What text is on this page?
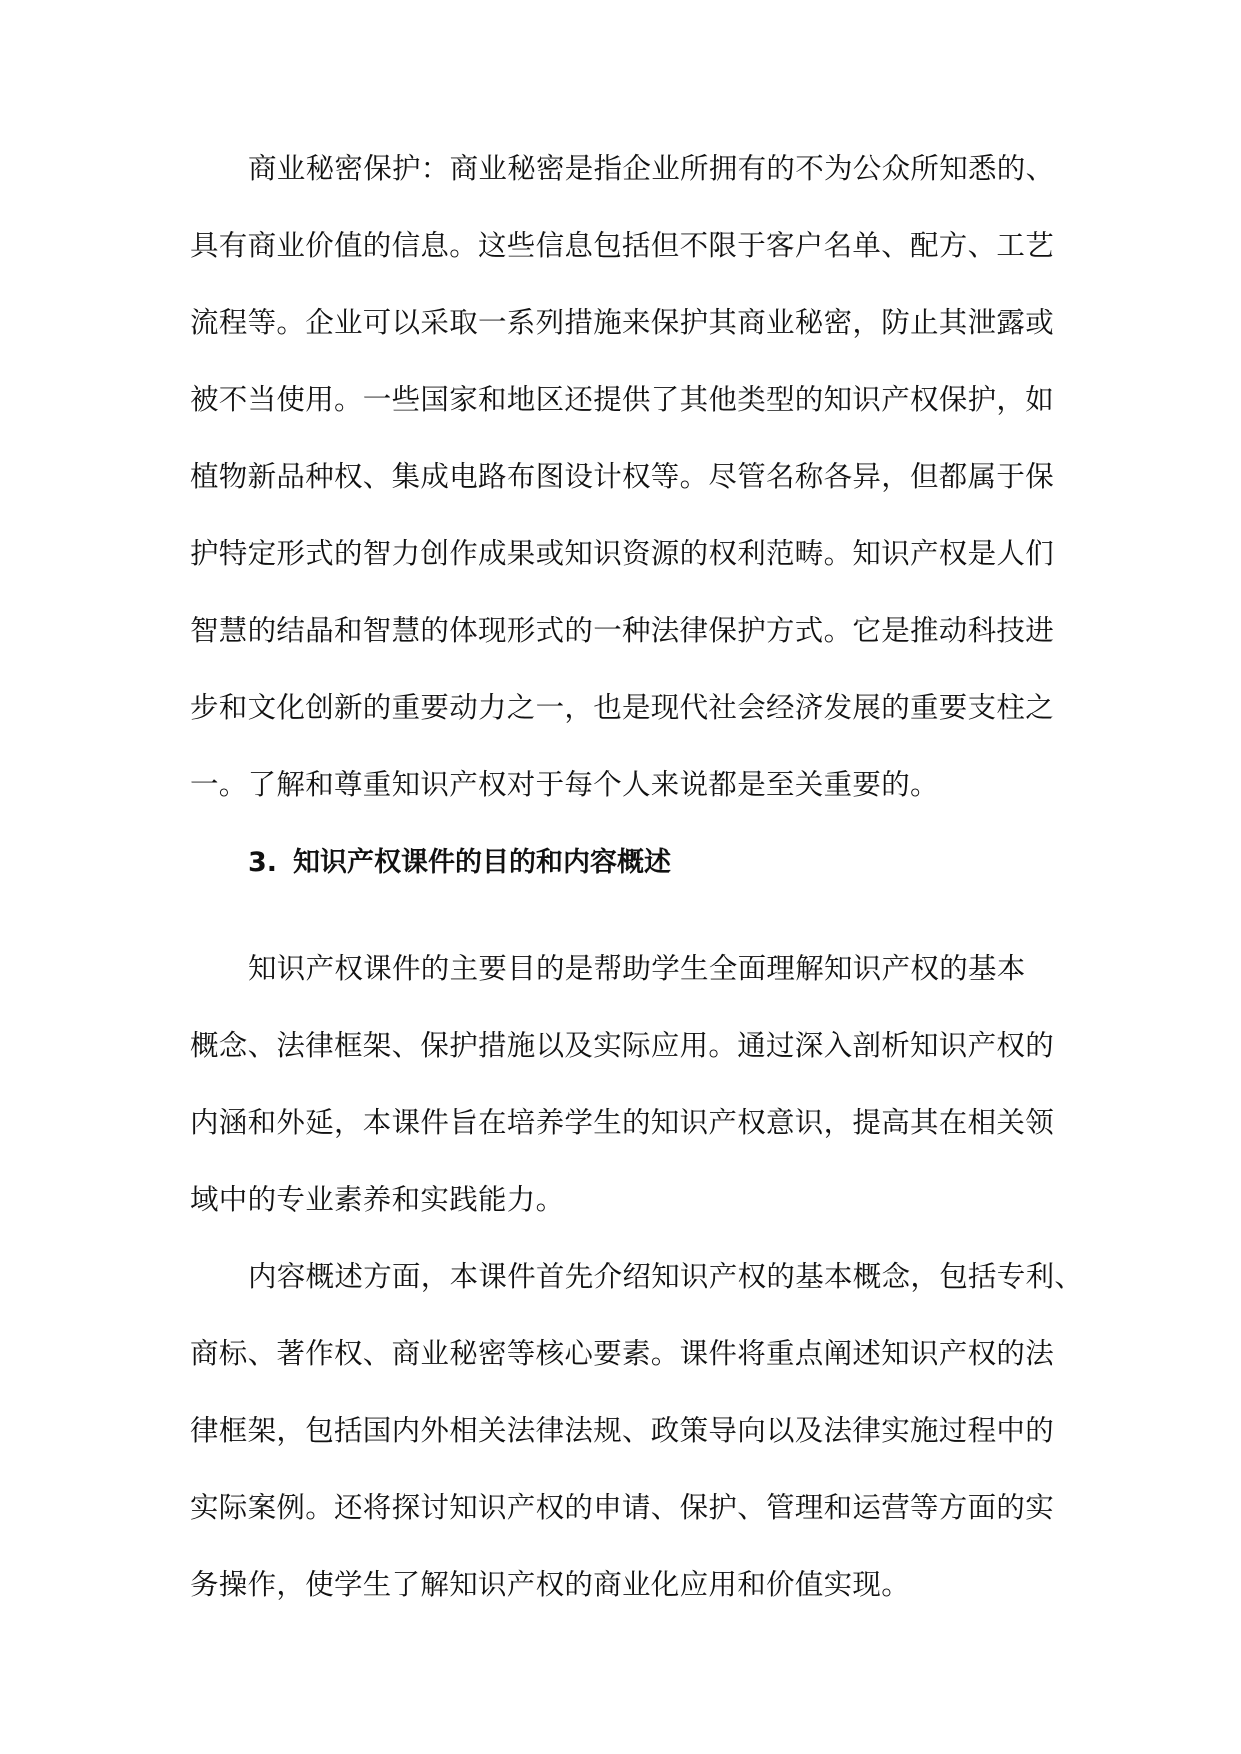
商业秘密保护：商业秘密是指企业所拥有的不为公众所知悉的、
具有商业价值的信息。这些信息包括但不限于客户名单、配方、工艺
流程等。企业可以采取一系列措施来保护其商业秘密，防止其泄露或
被不当使用。一些国家和地区还提供了其他类型的知识产权保护，如
植物新品种权、集成电路布图设计权等。尽管名称各异，但都属于保
护特定形式的智力创作成果或知识资源的权利范畴。知识产权是人们
智慧的结晶和智慧的体现形式的一种法律保护方式。它是推动科技进
步和文化创新的重要动力之一，也是现代社会经济发展的重要支柱之
一。了解和尊重知识产权对于每个人来说都是至关重要的。
3. 知识产权课件的目的和内容概述
知识产权课件的主要目的是帮助学生全面理解知识产权的基本
概念、法律框架、保护措施以及实际应用。通过深入剖析知识产权的
内涵和外延，本课件旨在培养学生的知识产权意识，提高其在相关领
域中的专业素养和实践能力。
内容概述方面，本课件首先介绍知识产权的基本概念，包括专利、
商标、著作权、商业秘密等核心要素。课件将重点阐述知识产权的法
律框架，包括国内外相关法律法规、政策导向以及法律实施过程中的
实际案例。还将探讨知识产权的申请、保护、管理和运营等方面的实
务操作，使学生了解知识产权的商业化应用和价值实现。
